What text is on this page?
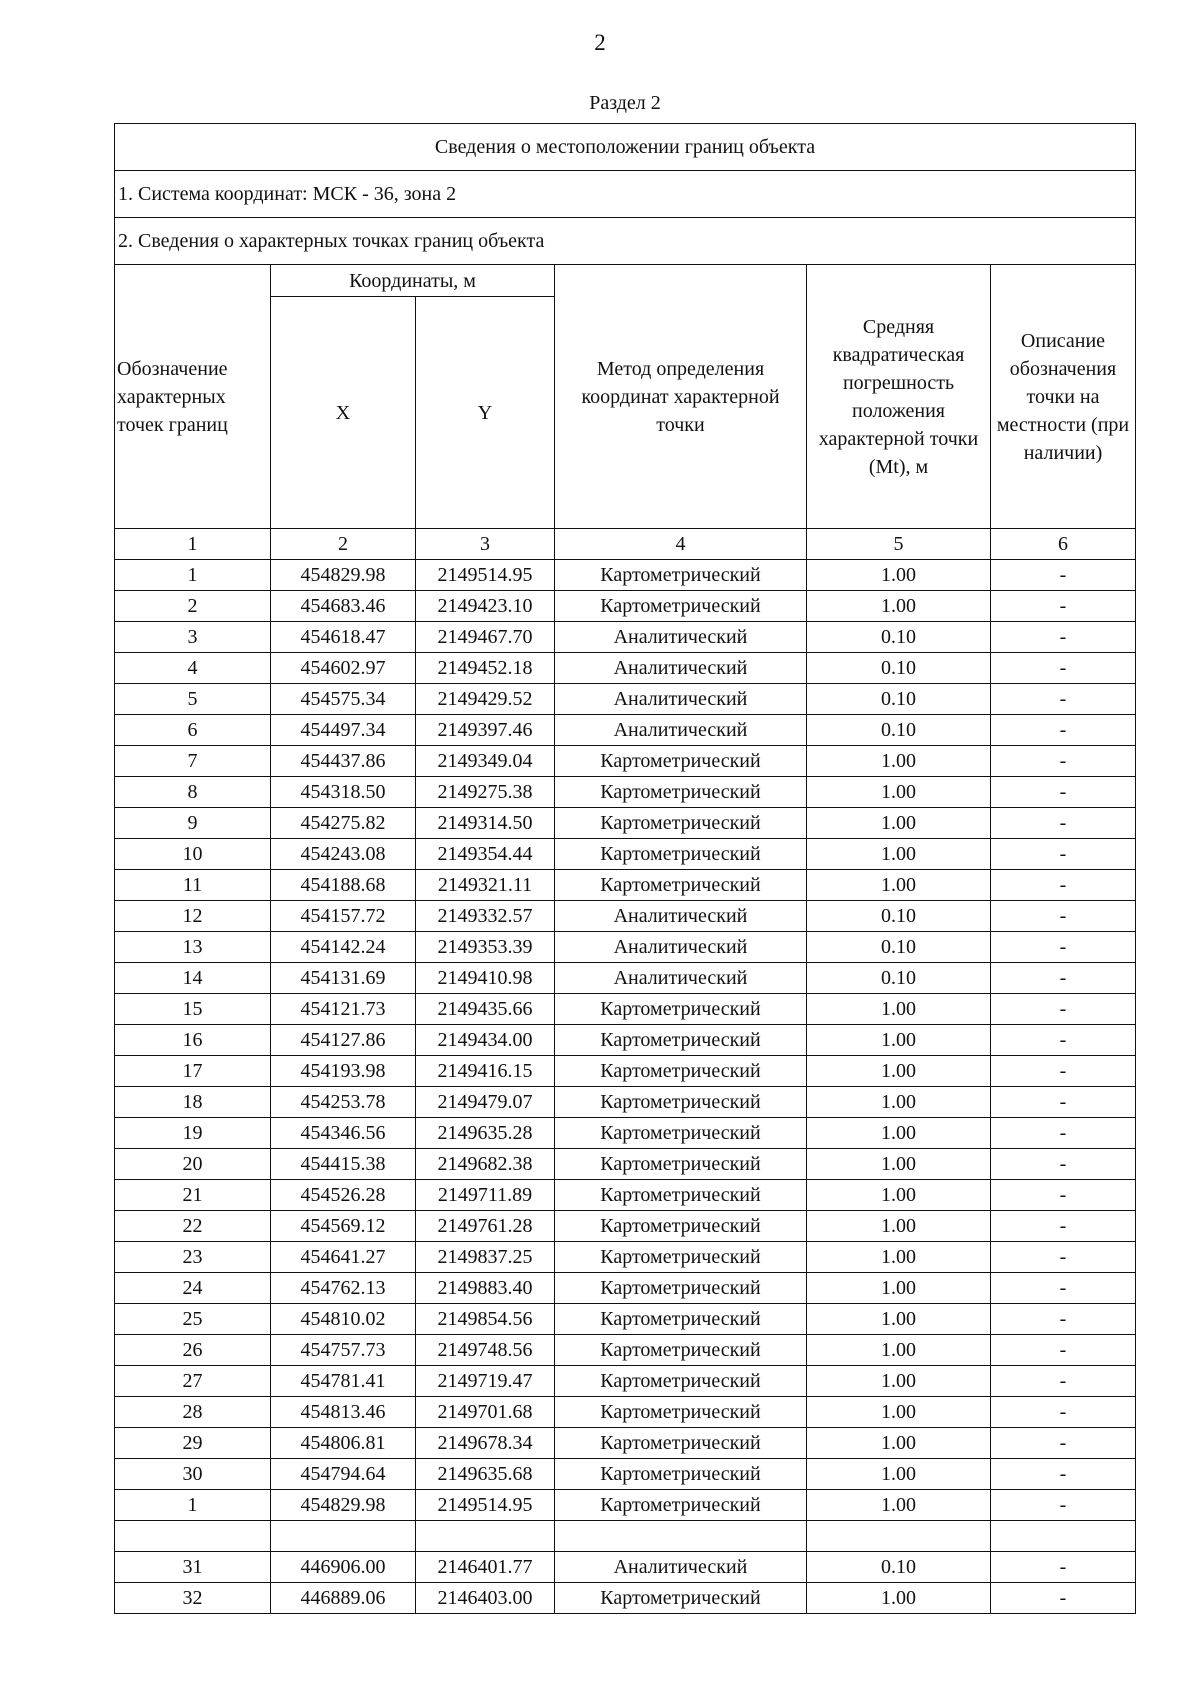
2
Раздел 2
Сведения о местоположении границ объекта					
1. Система координат: МСК - 36, зона 2					
2. Сведения о характерных точках границ объекта					
Обозначение характерных точек границ	Координаты, м		Метод определения координат характерной точки	Средняя квадратическая погрешность положения характерной точки (Mt), м	Описание обозначения точки на местности (при наличии)
	X	Y			
1	2	3	4	5	6
1	454829.98	2149514.95	Картометрический	1.00	-
2	454683.46	2149423.10	Картометрический	1.00	-
3	454618.47	2149467.70	Аналитический	0.10	-
4	454602.97	2149452.18	Аналитический	0.10	-
5	454575.34	2149429.52	Аналитический	0.10	-
6	454497.34	2149397.46	Аналитический	0.10	-
7	454437.86	2149349.04	Картометрический	1.00	-
8	454318.50	2149275.38	Картометрический	1.00	-
9	454275.82	2149314.50	Картометрический	1.00	-
10	454243.08	2149354.44	Картометрический	1.00	-
11	454188.68	2149321.11	Картометрический	1.00	-
12	454157.72	2149332.57	Аналитический	0.10	-
13	454142.24	2149353.39	Аналитический	0.10	-
14	454131.69	2149410.98	Аналитический	0.10	-
15	454121.73	2149435.66	Картометрический	1.00	-
16	454127.86	2149434.00	Картометрический	1.00	-
17	454193.98	2149416.15	Картометрический	1.00	-
18	454253.78	2149479.07	Картометрический	1.00	-
19	454346.56	2149635.28	Картометрический	1.00	-
20	454415.38	2149682.38	Картометрический	1.00	-
21	454526.28	2149711.89	Картометрический	1.00	-
22	454569.12	2149761.28	Картометрический	1.00	-
23	454641.27	2149837.25	Картометрический	1.00	-
24	454762.13	2149883.40	Картометрический	1.00	-
25	454810.02	2149854.56	Картометрический	1.00	-
26	454757.73	2149748.56	Картометрический	1.00	-
27	454781.41	2149719.47	Картометрический	1.00	-
28	454813.46	2149701.68	Картометрический	1.00	-
29	454806.81	2149678.34	Картометрический	1.00	-
30	454794.64	2149635.68	Картометрический	1.00	-
1	454829.98	2149514.95	Картометрический	1.00	-

31	446906.00	2146401.77	Аналитический	0.10	-
32	446889.06	2146403.00	Картометрический	1.00	-
